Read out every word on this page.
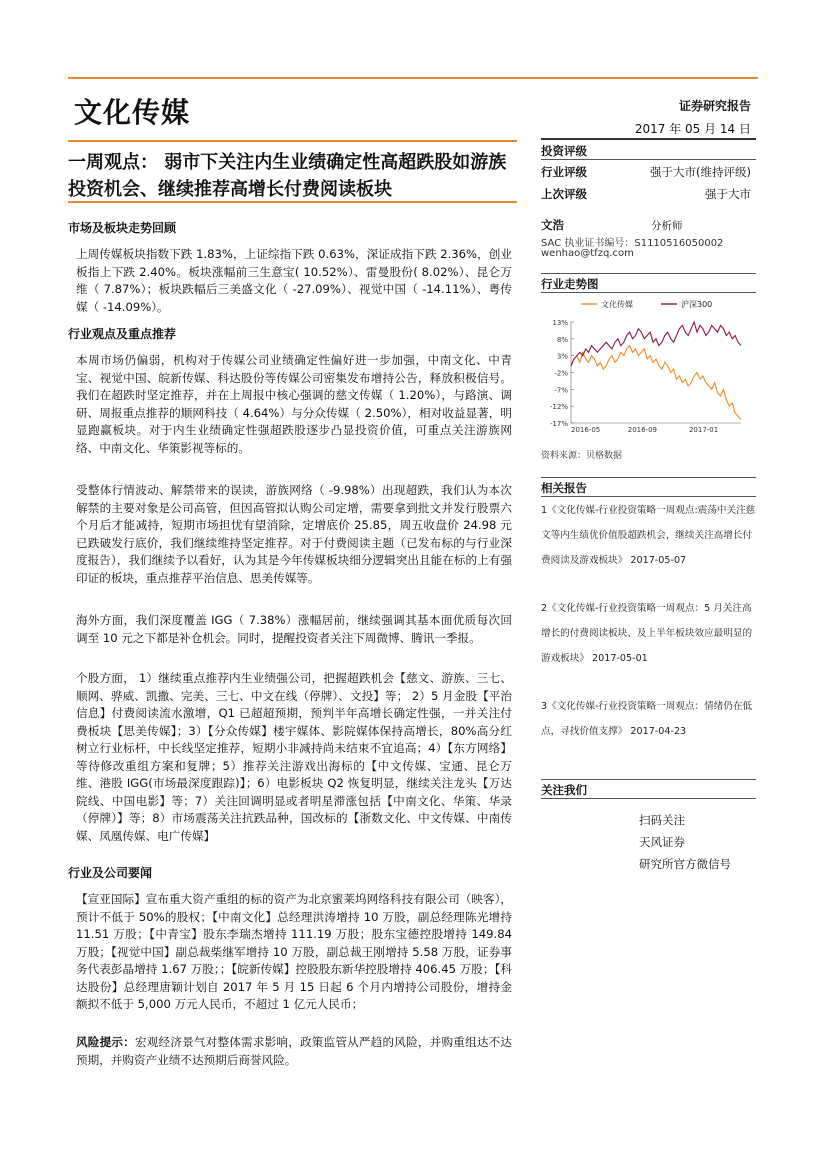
文化传媒	证券研究报告
2017 年 05 月 14 日
一周观点： 弱市下关注内生业绩确定性高超跌股如游族投资机会、继续推荐高增长付费阅读板块
市场及板块走势回顾
上周传媒板块指数下跌 1.83%，上证综指下跌 0.63%，深证成指下跌 2.36%，创业板指上下跌 2.40%。板块涨幅前三生意宝( 10.52%）、雷曼股份( 8.02%）、昆仑万维（ 7.87%）；板块跌幅后三美盛文化（ -27.09%）、视觉中国（ -14.11%）、粤传媒（ -14.09%）。
行业观点及重点推荐
本周市场仍偏弱，机构对于传媒公司业绩确定性偏好进一步加强，中南文化、中青宝、视觉中国、皖新传媒、科达股份等传媒公司密集发布增持公告，释放积极信号。我们在超跌时坚定推荐，并在上周报中核心强调的慈文传媒（ 1.20%），与路演、调研、周报重点推荐的顺网科技（ 4.64%）与分众传媒（ 2.50%），相对收益显著，明显跑赢板块。对于内生业绩确定性强超跌股逐步凸显投资价值，可重点关注游族网络、中南文化、华策影视等标的。
受整体行情波动、解禁带来的误读，游族网络（ -9.98%）出现超跌，我们认为本次解禁的主要对象是公司高管，但因高管拟认购公司定增，需要拿到批文并发行股票六个月后才能减持，短期市场担忧有望消除，定增底价 25.85，周五收盘价 24.98 元已跌破发行底价，我们继续维持坚定推荐。对于付费阅读主题（已发布标的与行业深度报告），我们继续予以看好，认为其是今年传媒板块细分逻辑突出且能在标的上有强印证的板块，重点推荐平治信息、思美传媒等。
海外方面，我们深度覆盖 IGG（ 7.38%）涨幅居前，继续强调其基本面优质每次回调至 10 元之下都是补仓机会。同时，提醒投资者关注下周微博、腾讯一季报。
个股方面， 1）继续重点推荐内生业绩强公司，把握超跌机会【慈文、游族、三七、顺网、骅威、凯撒、完美、三七、中文在线（停牌）、文投】等； 2）5 月金股【平治信息】付费阅读流水激增，Q1 已超超预期，预判半年高增长确定性强，一并关注付费板块【思美传媒】；3）【分众传媒】楼宇媒体、影院媒体保持高增长，80%高分红树立行业标杆，中长线坚定推荐，短期小非减持尚未结束不宜追高；4）【东方网络】等待修改重组方案和复牌；5）推荐关注游戏出海标的【中文传媒、宝通、昆仑万维、港股 IGG(市场最深度跟踪)】；6）电影板块 Q2 恢复明显，继续关注龙头【万达院线、中国电影】等；7）关注回调明显或者明星滞涨包括【中南文化、华策、华录（停牌）】等；8）市场震荡关注抗跌品种，国改标的【浙数文化、中文传媒、中南传媒、凤凰传媒、电广传媒】
行业及公司要闻
【宣亚国际】宣布重大资产重组的标的资产为北京蜜莱坞网络科技有限公司（映客），预计不低于 50%的股权；【中南文化】总经理洪涛增持 10 万股，副总经理陈光增持 11.51 万股；【中青宝】股东李瑞杰增持 111.19 万股；股东宝德控股增持 149.84 万股；【视觉中国】副总裁柴继军增持 10 万股，副总裁王刚增持 5.58 万股，证券事务代表彭晶增持 1.67 万股；；【皖新传媒】控股股东新华控股增持 406.45 万股；【科达股份】总经理唐颖计划自 2017 年 5 月 15 日起 6 个月内增持公司股份，增持金额拟不低于 5,000 万元人民币，不超过 1 亿元人民币；
风险提示：宏观经济景气对整体需求影响，政策监管从严趋的风险，并购重组达不达预期，并购资产业绩不达预期后商誉风险。
投资评级
行业评级	强于大市(维持评级)
上次评级	强于大市
文浩	分析师
SAC 执业证书编号：S1110516050002
wenhao@tfzq.com
行业走势图
13%
8%
3%
-2%
-7%
-12%
-17%
2016-05	2016-09	2017-01
文化传媒	沪深300
资料来源：贝格数据
相关报告
1《文化传媒-行业投资策略一周观点:震荡中关注慈文等内生绩优价值股超跌机会，继续关注高增长付费阅读及游戏板块》 2017-05-07
2《文化传媒-行业投资策略一周观点：5 月关注高增长的付费阅读板块、及上半年板块效应最明显的游戏板块》 2017-05-01
3《文化传媒-行业投资策略一周观点：情绪仍在低点，寻找价值支撑》 2017-04-23
关注我们
扫码关注
天风证券
研究所官方微信号
